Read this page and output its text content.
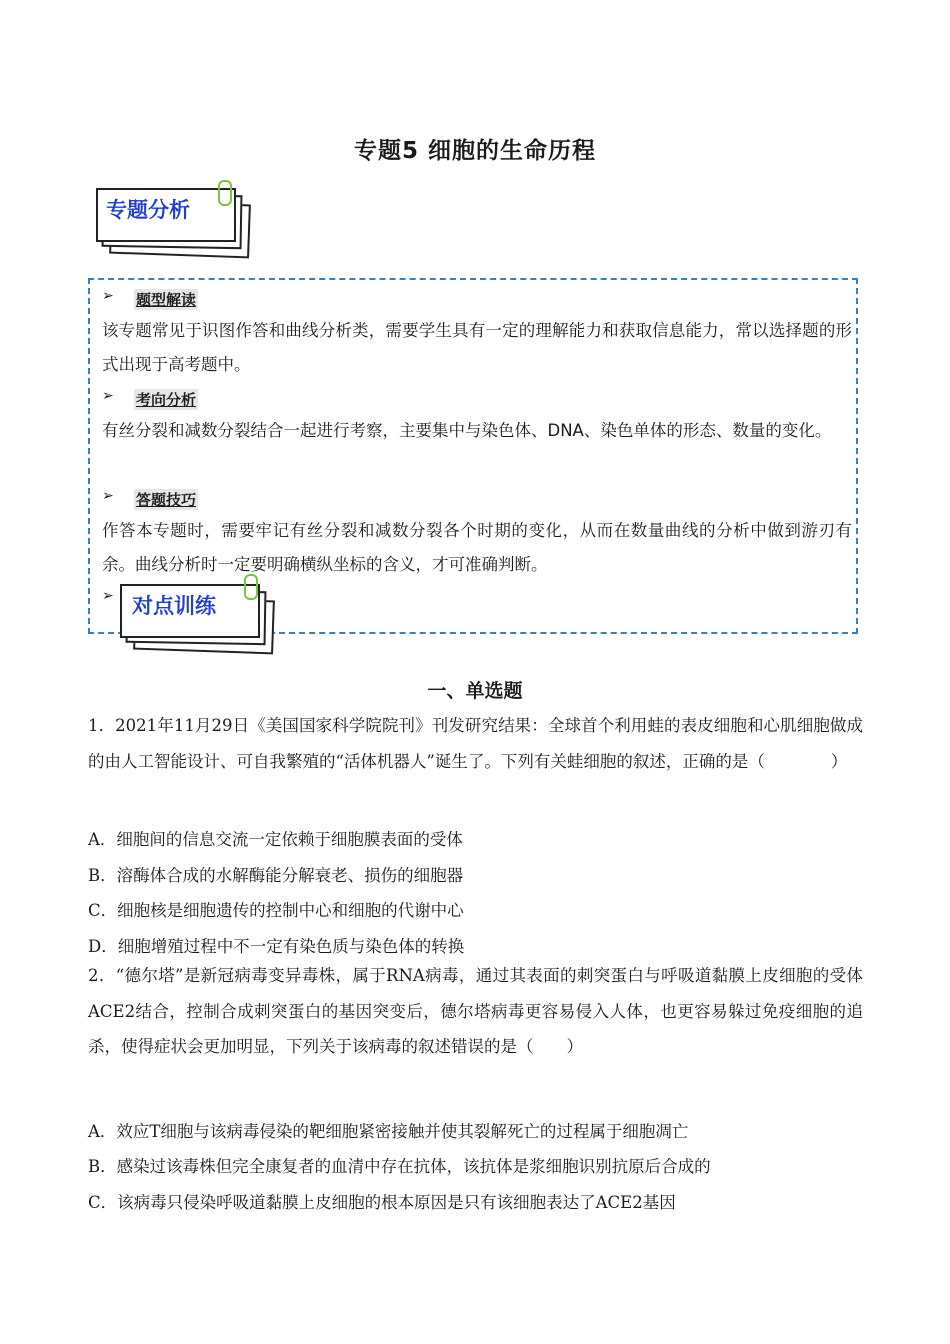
专题5 细胞的生命历程
专题分析
➢ 题型解读
该专题常见于识图作答和曲线分析类，需要学生具有一定的理解能力和获取信息能力，常以选择题的形式出现于高考题中。
➢ 考向分析
有丝分裂和减数分裂结合一起进行考察，主要集中与染色体、DNA、染色单体的形态、数量的变化。
➢ 答题技巧
作答本专题时，需要牢记有丝分裂和减数分裂各个时期的变化，从而在数量曲线的分析中做到游刃有余。曲线分析时一定要明确横纵坐标的含义，才可准确判断。
➢ 对点训练
一、单选题
1．2021年11月29日《美国国家科学院院刊》刊发研究结果：全球首个利用蛙的表皮细胞和心肌细胞做成的由人工智能设计、可自我繁殖的“活体机器人”诞生了。下列有关蛙细胞的叙述，正确的是（　　　　）
A．细胞间的信息交流一定依赖于细胞膜表面的受体
B．溶酶体合成的水解酶能分解衰老、损伤的细胞器
C．细胞核是细胞遗传的控制中心和细胞的代谢中心
D．细胞增殖过程中不一定有染色质与染色体的转换
2．“德尔塔”是新冠病毒变异毒株，属于RNA病毒，通过其表面的刺突蛋白与呼吸道黏膜上皮细胞的受体ACE2结合，控制合成刺突蛋白的基因突变后，德尔塔病毒更容易侵入人体，也更容易躲过免疫细胞的追杀，使得症状会更加明显，下列关于该病毒的叙述错误的是（　　）
A．效应T细胞与该病毒侵染的靶细胞紧密接触并使其裂解死亡的过程属于细胞凋亡
B．感染过该毒株但完全康复者的血清中存在抗体，该抗体是浆细胞识别抗原后合成的
C．该病毒只侵染呼吸道黏膜上皮细胞的根本原因是只有该细胞表达了ACE2基因
